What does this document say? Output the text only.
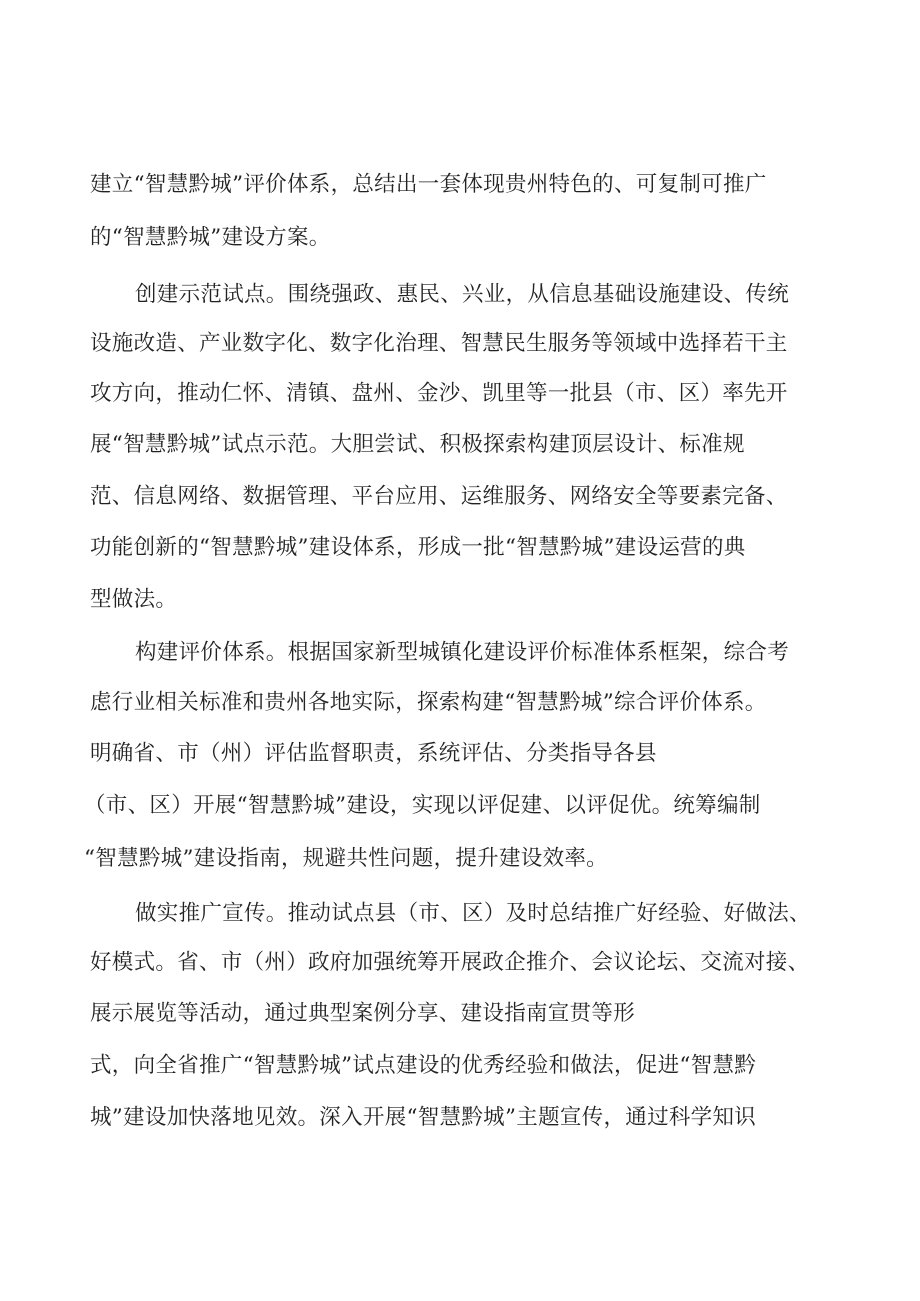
建立“智慧黔城”评价体系，总结出一套体现贵州特色的、可复制可推广
的“智慧黔城”建设方案。
创建示范试点。围绕强政、惠民、兴业，从信息基础设施建设、传统
设施改造、产业数字化、数字化治理、智慧民生服务等领域中选择若干主
攻方向，推动仁怀、清镇、盘州、金沙、凯里等一批县（市、区）率先开
展“智慧黔城”试点示范。大胆尝试、积极探索构建顶层设计、标准规
范、信息网络、数据管理、平台应用、运维服务、网络安全等要素完备、
功能创新的“智慧黔城”建设体系，形成一批“智慧黔城”建设运营的典
型做法。
构建评价体系。根据国家新型城镇化建设评价标准体系框架，综合考
虑行业相关标准和贵州各地实际，探索构建“智慧黔城”综合评价体系。
明确省、市（州）评估监督职责，系统评估、分类指导各县
（市、区）开展“智慧黔城”建设，实现以评促建、以评促优。统筹编制
“智慧黔城”建设指南，规避共性问题，提升建设效率。
做实推广宣传。推动试点县（市、区）及时总结推广好经验、好做法、
好模式。省、市（州）政府加强统筹开展政企推介、会议论坛、交流对接、
展示展览等活动，通过典型案例分享、建设指南宣贯等形
式，向全省推广“智慧黔城”试点建设的优秀经验和做法，促进“智慧黔
城”建设加快落地见效。深入开展“智慧黔城”主题宣传，通过科学知识
